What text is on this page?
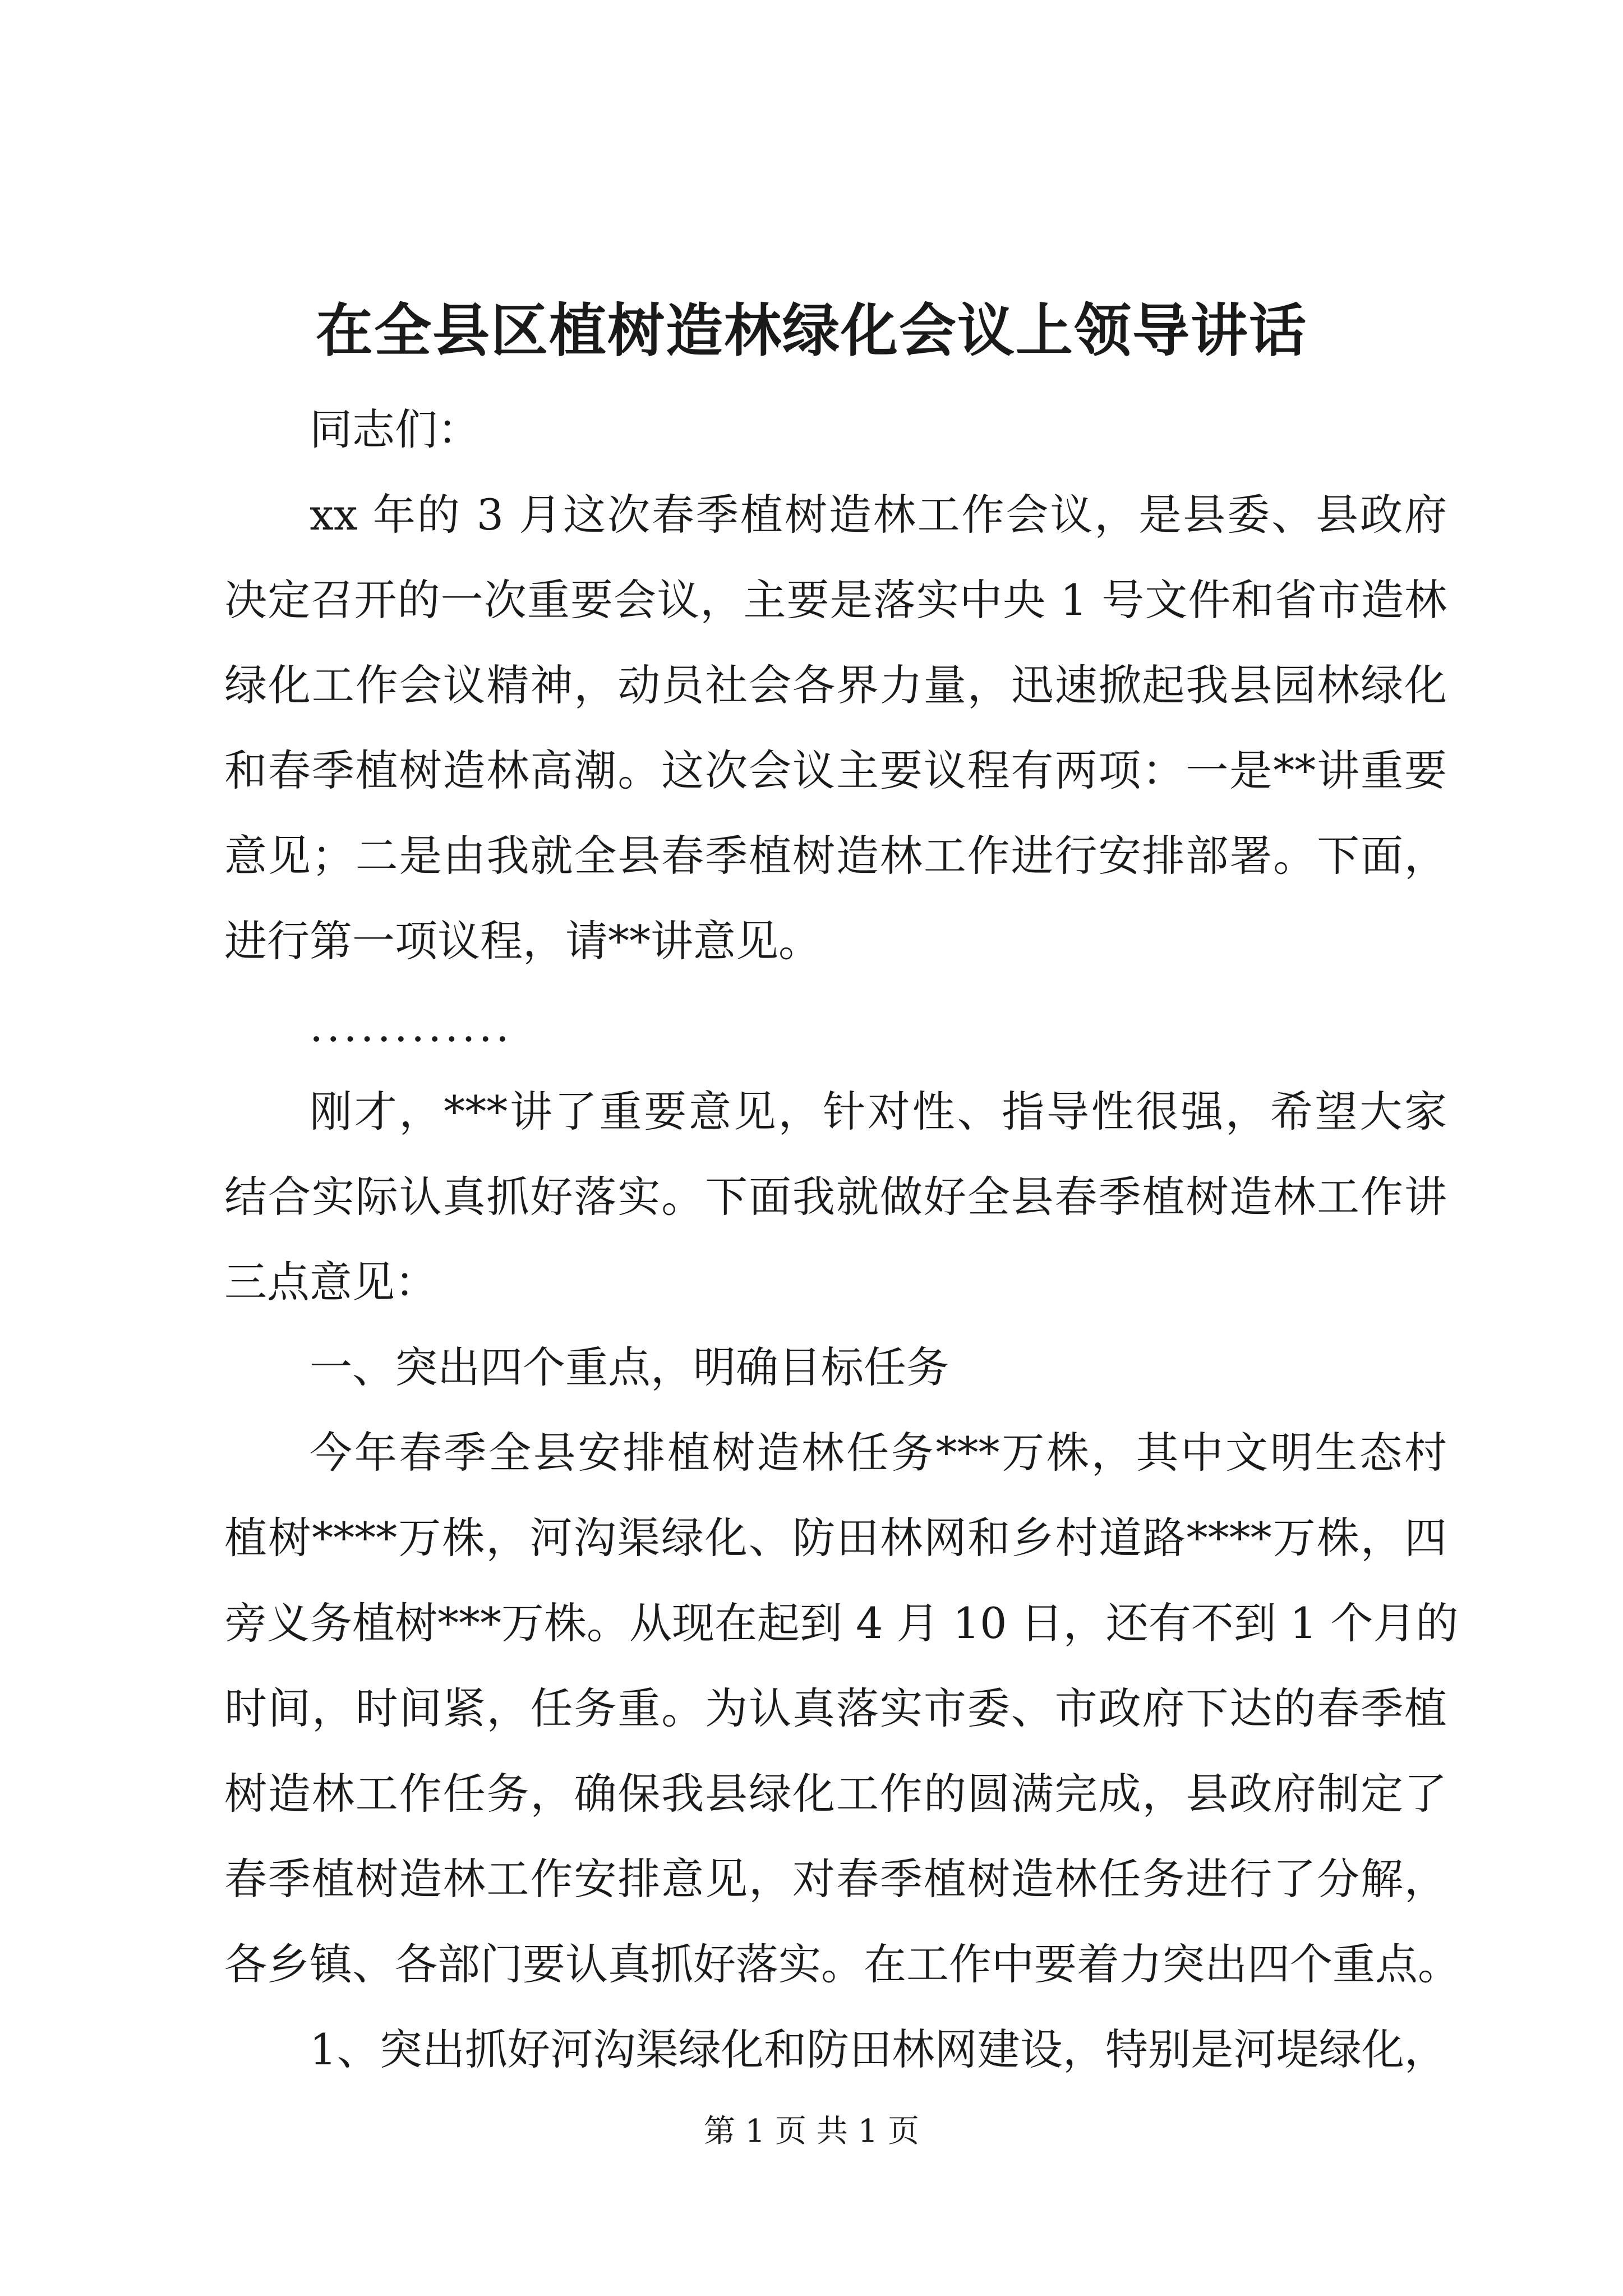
在全县区植树造林绿化会议上领导讲话
同志们：
xx 年的 3 月这次春季植树造林工作会议，是县委、县政府
决定召开的一次重要会议，主要是落实中央 1 号文件和省市造林
绿化工作会议精神，动员社会各界力量，迅速掀起我县园林绿化
和春季植树造林高潮。这次会议主要议程有两项：一是**讲重要
意见；二是由我就全县春季植树造林工作进行安排部署。下面，
进行第一项议程，请**讲意见。
............
刚才，***讲了重要意见，针对性、指导性很强，希望大家
结合实际认真抓好落实。下面我就做好全县春季植树造林工作讲
三点意见：
一、突出四个重点，明确目标任务
今年春季全县安排植树造林任务***万株，其中文明生态村
植树****万株，河沟渠绿化、防田林网和乡村道路****万株，四
旁义务植树***万株。从现在起到 4 月 10 日，还有不到 1 个月的
时间，时间紧，任务重。为认真落实市委、市政府下达的春季植
树造林工作任务，确保我县绿化工作的圆满完成，县政府制定了
春季植树造林工作安排意见，对春季植树造林任务进行了分解，
各乡镇、各部门要认真抓好落实。在工作中要着力突出四个重点。
1、突出抓好河沟渠绿化和防田林网建设，特别是河堤绿化，
第 1 页 共 1 页
